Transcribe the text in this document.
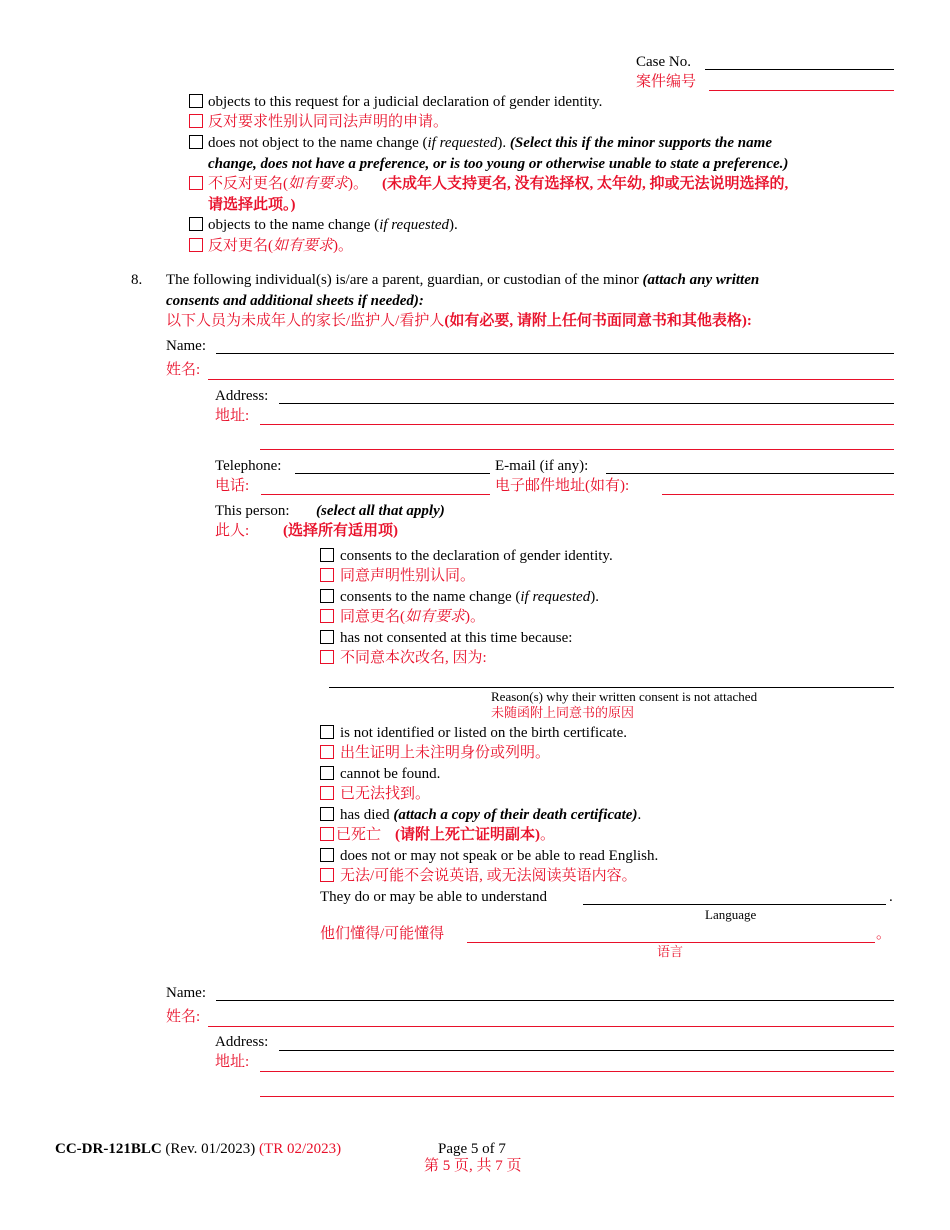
Case No.
案件编号
objects to this request for a judicial declaration of gender identity.
反对要求性别认同司法声明的申请。
does not object to the name change (if requested). (Select this if the minor supports the name
change, does not have a preference, or is too young or otherwise unable to state a preference.)
不反对更名(如有要求)。 (未成年人支持更名, 没有选择权, 太年幼, 抑或无法说明选择的,
请选择此项。)
objects to the name change (if requested).
反对更名(如有要求)。
8. The following individual(s) is/are a parent, guardian, or custodian of the minor (attach any written
consents and additional sheets if needed):
以下人员为未成年人的家长/监护人/看护人(如有必要, 请附上任何书面同意书和其他表格):
Name:
姓名:
Address:
地址:
Telephone:	E-mail (if any):
电话:	电子邮件地址(如有):
This person: (select all that apply)
此人: (选择所有适用项)
consents to the declaration of gender identity.
同意声明性别认同。
consents to the name change (if requested).
同意更名(如有要求)。
has not consented at this time because:
不同意本次改名, 因为:
Reason(s) why their written consent is not attached
未随函附上同意书的原因
is not identified or listed on the birth certificate.
出生证明上未注明身份或列明。
cannot be found.
已无法找到。
has died (attach a copy of their death certificate).
已死亡 (请附上死亡证明副本)。
does not or may not speak or be able to read English.
无法/可能不会说英语, 或无法阅读英语内容。
They do or may be able to understand	.
Language
他们懂得/可能懂得	。
语言
Name:
姓名:
Address:
地址:
CC-DR-121BLC (Rev. 01/2023) (TR 02/2023)	Page 5 of 7
第 5 页, 共 7 页
